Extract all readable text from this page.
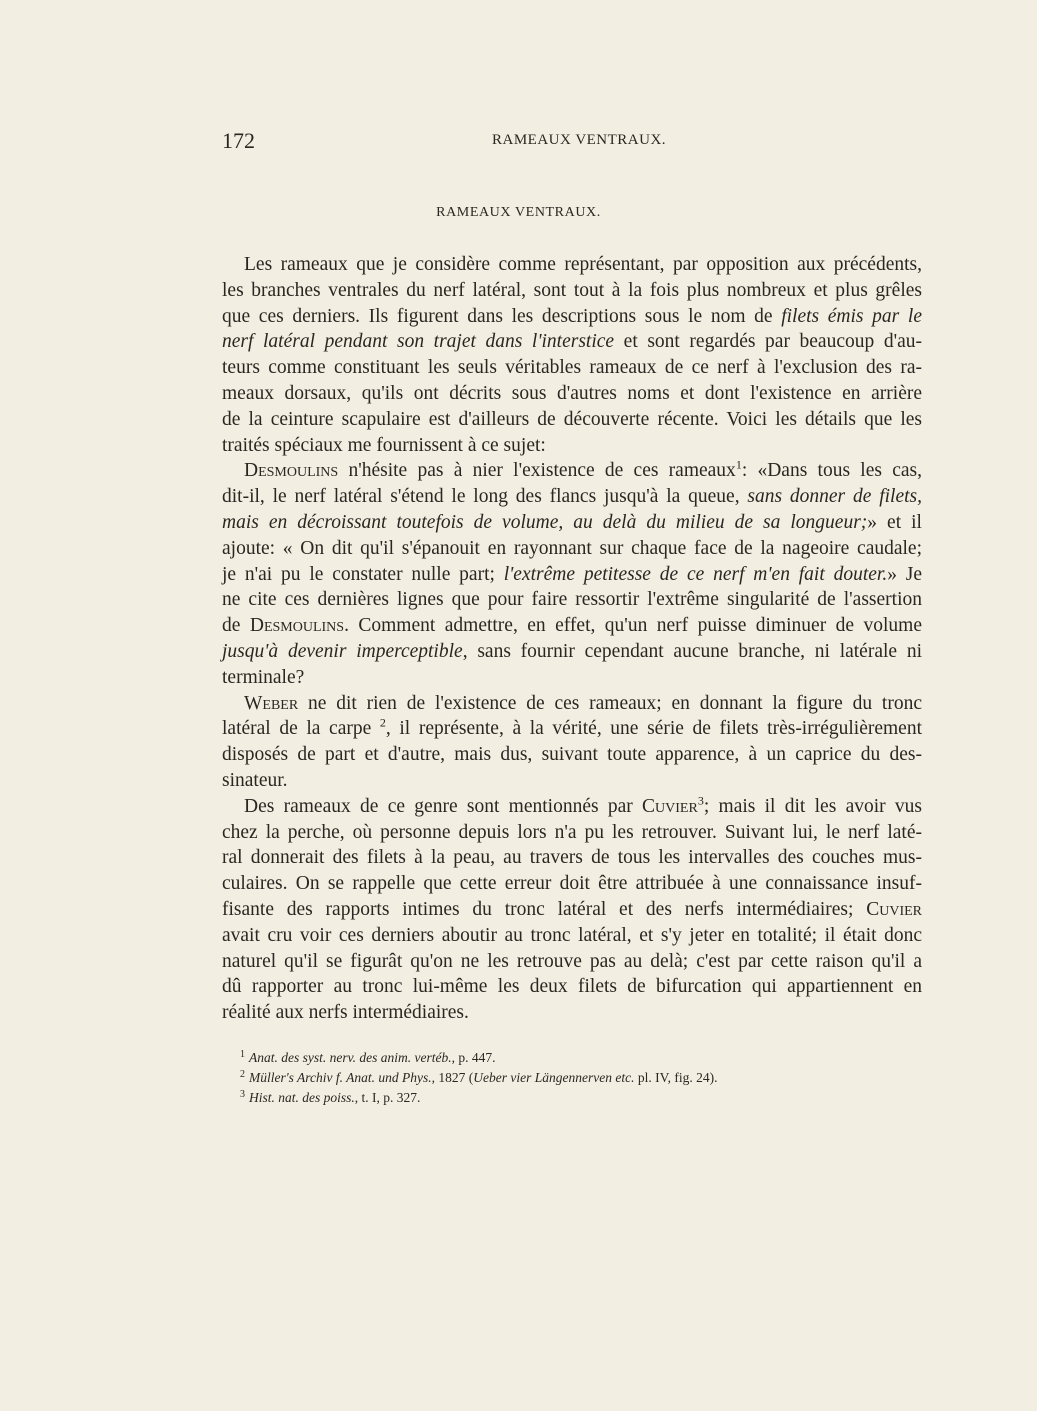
172	RAMEAUX VENTRAUX.
RAMEAUX VENTRAUX.
Les rameaux que je considère comme représentant, par opposition aux précédents,
les branches ventrales du nerf latéral, sont tout à la fois plus nombreux et plus grêles
que ces derniers. Ils figurent dans les descriptions sous le nom de filets émis par le
nerf latéral pendant son trajet dans l'interstice et sont regardés par beaucoup d'au-
teurs comme constituant les seuls véritables rameaux de ce nerf à l'exclusion des ra-
meaux dorsaux, qu'ils ont décrits sous d'autres noms et dont l'existence en arrière
de la ceinture scapulaire est d'ailleurs de découverte récente. Voici les détails que les
traités spéciaux me fournissent à ce sujet:
Desmoulins n'hésite pas à nier l'existence de ces rameaux$^1$: «Dans tous les cas,
dit-il, le nerf latéral s'étend le long des flancs jusqu'à la queue, sans donner de filets,
mais en décroissant toutefois de volume, au delà du milieu de sa longueur;» et il
ajoute: « On dit qu'il s'épanouit en rayonnant sur chaque face de la nageoire caudale;
je n'ai pu le constater nulle part; l'extrême petitesse de ce nerf m'en fait douter.» Je
ne cite ces dernières lignes que pour faire ressortir l'extrême singularité de l'assertion
de Desmoulins. Comment admettre, en effet, qu'un nerf puisse diminuer de volume
jusqu'à devenir imperceptible, sans fournir cependant aucune branche, ni latérale ni
terminale?
Weber ne dit rien de l'existence de ces rameaux; en donnant la figure du tronc
latéral de la carpe $^2$, il représente, à la vérité, une série de filets très-irrégulièrement
disposés de part et d'autre, mais dus, suivant toute apparence, à un caprice du des-
sinateur.
Des rameaux de ce genre sont mentionnés par Cuvier$^3$; mais il dit les avoir vus
chez la perche, où personne depuis lors n'a pu les retrouver. Suivant lui, le nerf laté-
ral donnerait des filets à la peau, au travers de tous les intervalles des couches mus-
culaires. On se rappelle que cette erreur doit être attribuée à une connaissance insuf-
fisante des rapports intimes du tronc latéral et des nerfs intermédiaires; Cuvier
avait cru voir ces derniers aboutir au tronc latéral, et s'y jeter en totalité; il était donc
naturel qu'il se figurât qu'on ne les retrouve pas au delà; c'est par cette raison qu'il a
dû rapporter au tronc lui-même les deux filets de bifurcation qui appartiennent en
réalité aux nerfs intermédiaires.
$^1$ Anat. des syst. nerv. des anim. vertéb., p. 447.
$^2$ Müller's Archiv f. Anat. und Phys., 1827 (Ueber vier Längennerven etc. pl. IV, fig. 24).
$^3$ Hist. nat. des poiss., t. I, p. 327.
